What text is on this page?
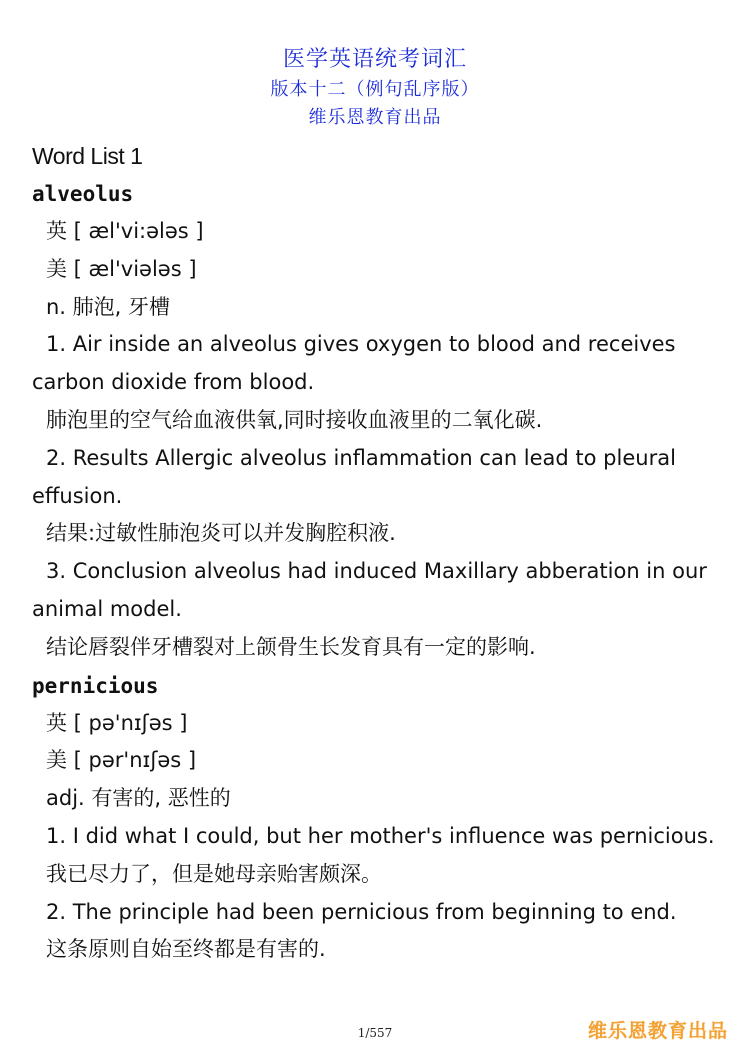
医学英语统考词汇
版本十二（例句乱序版）
维乐恩教育出品
Word List 1
alveolus
英 [ æl'vi:ələs ]
美 [ æl'viələs ]
n. 肺泡, 牙槽
1. Air inside an alveolus gives oxygen to blood and receives carbon dioxide from blood.
肺泡里的空气给血液供氧,同时接收血液里的二氧化碳.
2. Results Allergic alveolus inflammation can lead to pleural effusion.
结果:过敏性肺泡炎可以并发胸腔积液.
3. Conclusion alveolus had induced Maxillary abberation in our animal model.
结论唇裂伴牙槽裂对上颌骨生长发育具有一定的影响.
pernicious
英 [ pə'nɪʃəs ]
美 [ pər'nɪʃəs ]
adj. 有害的, 恶性的
1. I did what I could, but her mother's influence was pernicious.
我已尽力了，但是她母亲贻害颇深。
2. The principle had been pernicious from beginning to end.
这条原则自始至终都是有害的.
1/557	维乐恩教育出品
